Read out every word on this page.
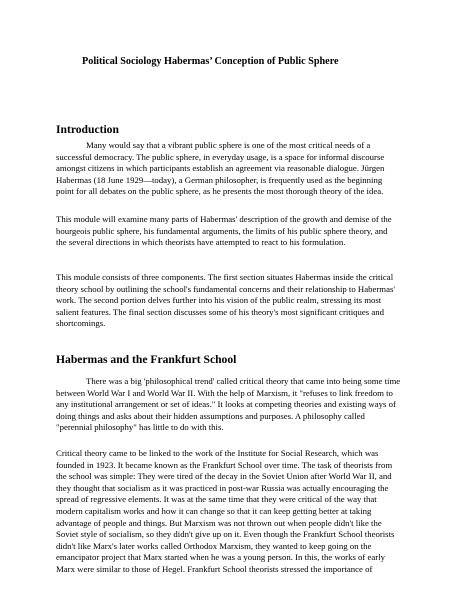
Political Sociology Habermas’ Conception of Public Sphere
Introduction
Many would say that a vibrant public sphere is one of the most critical needs of a
successful democracy. The public sphere, in everyday usage, is a space for informal discourse
amongst citizens in which participants establish an agreement via reasonable dialogue. Jürgen
Habermas (18 June 1929—today), a German philosopher, is frequently used as the beginning
point for all debates on the public sphere, as he presents the most thorough theory of the idea.
This module will examine many parts of Habermas' description of the growth and demise of the
bourgeois public sphere, his fundamental arguments, the limits of his public sphere theory, and
the several directions in which theorists have attempted to react to his formulation.
This module consists of three components. The first section situates Habermas inside the critical
theory school by outlining the school's fundamental concerns and their relationship to Habermas'
work. The second portion delves further into his vision of the public realm, stressing its most
salient features. The final section discusses some of his theory's most significant critiques and
shortcomings.
Habermas and the Frankfurt School
There was a big 'philosophical trend' called critical theory that came into being some time
between World War I and World War II. With the help of Marxism, it "refuses to link freedom to
any institutional arrangement or set of ideas." It looks at competing theories and existing ways of
doing things and asks about their hidden assumptions and purposes. A philosophy called
"perennial philosophy" has little to do with this.
Critical theory came to be linked to the work of the Institute for Social Research, which was
founded in 1923. It became known as the Frankfurt School over time. The task of theorists from
the school was simple: They were tired of the decay in the Soviet Union after World War II, and
they thought that socialism as it was practiced in post-war Russia was actually encouraging the
spread of regressive elements. It was at the same time that they were critical of the way that
modern capitalism works and how it can change so that it can keep getting better at taking
advantage of people and things. But Marxism was not thrown out when people didn't like the
Soviet style of socialism, so they didn't give up on it. Even though the Frankfurt School theorists
didn't like Marx's later works called Orthodox Marxism, they wanted to keep going on the
emancipator project that Marx started when he was a young person. In this, the works of early
Marx were similar to those of Hegel. Frankfurt School theorists stressed the importance of
